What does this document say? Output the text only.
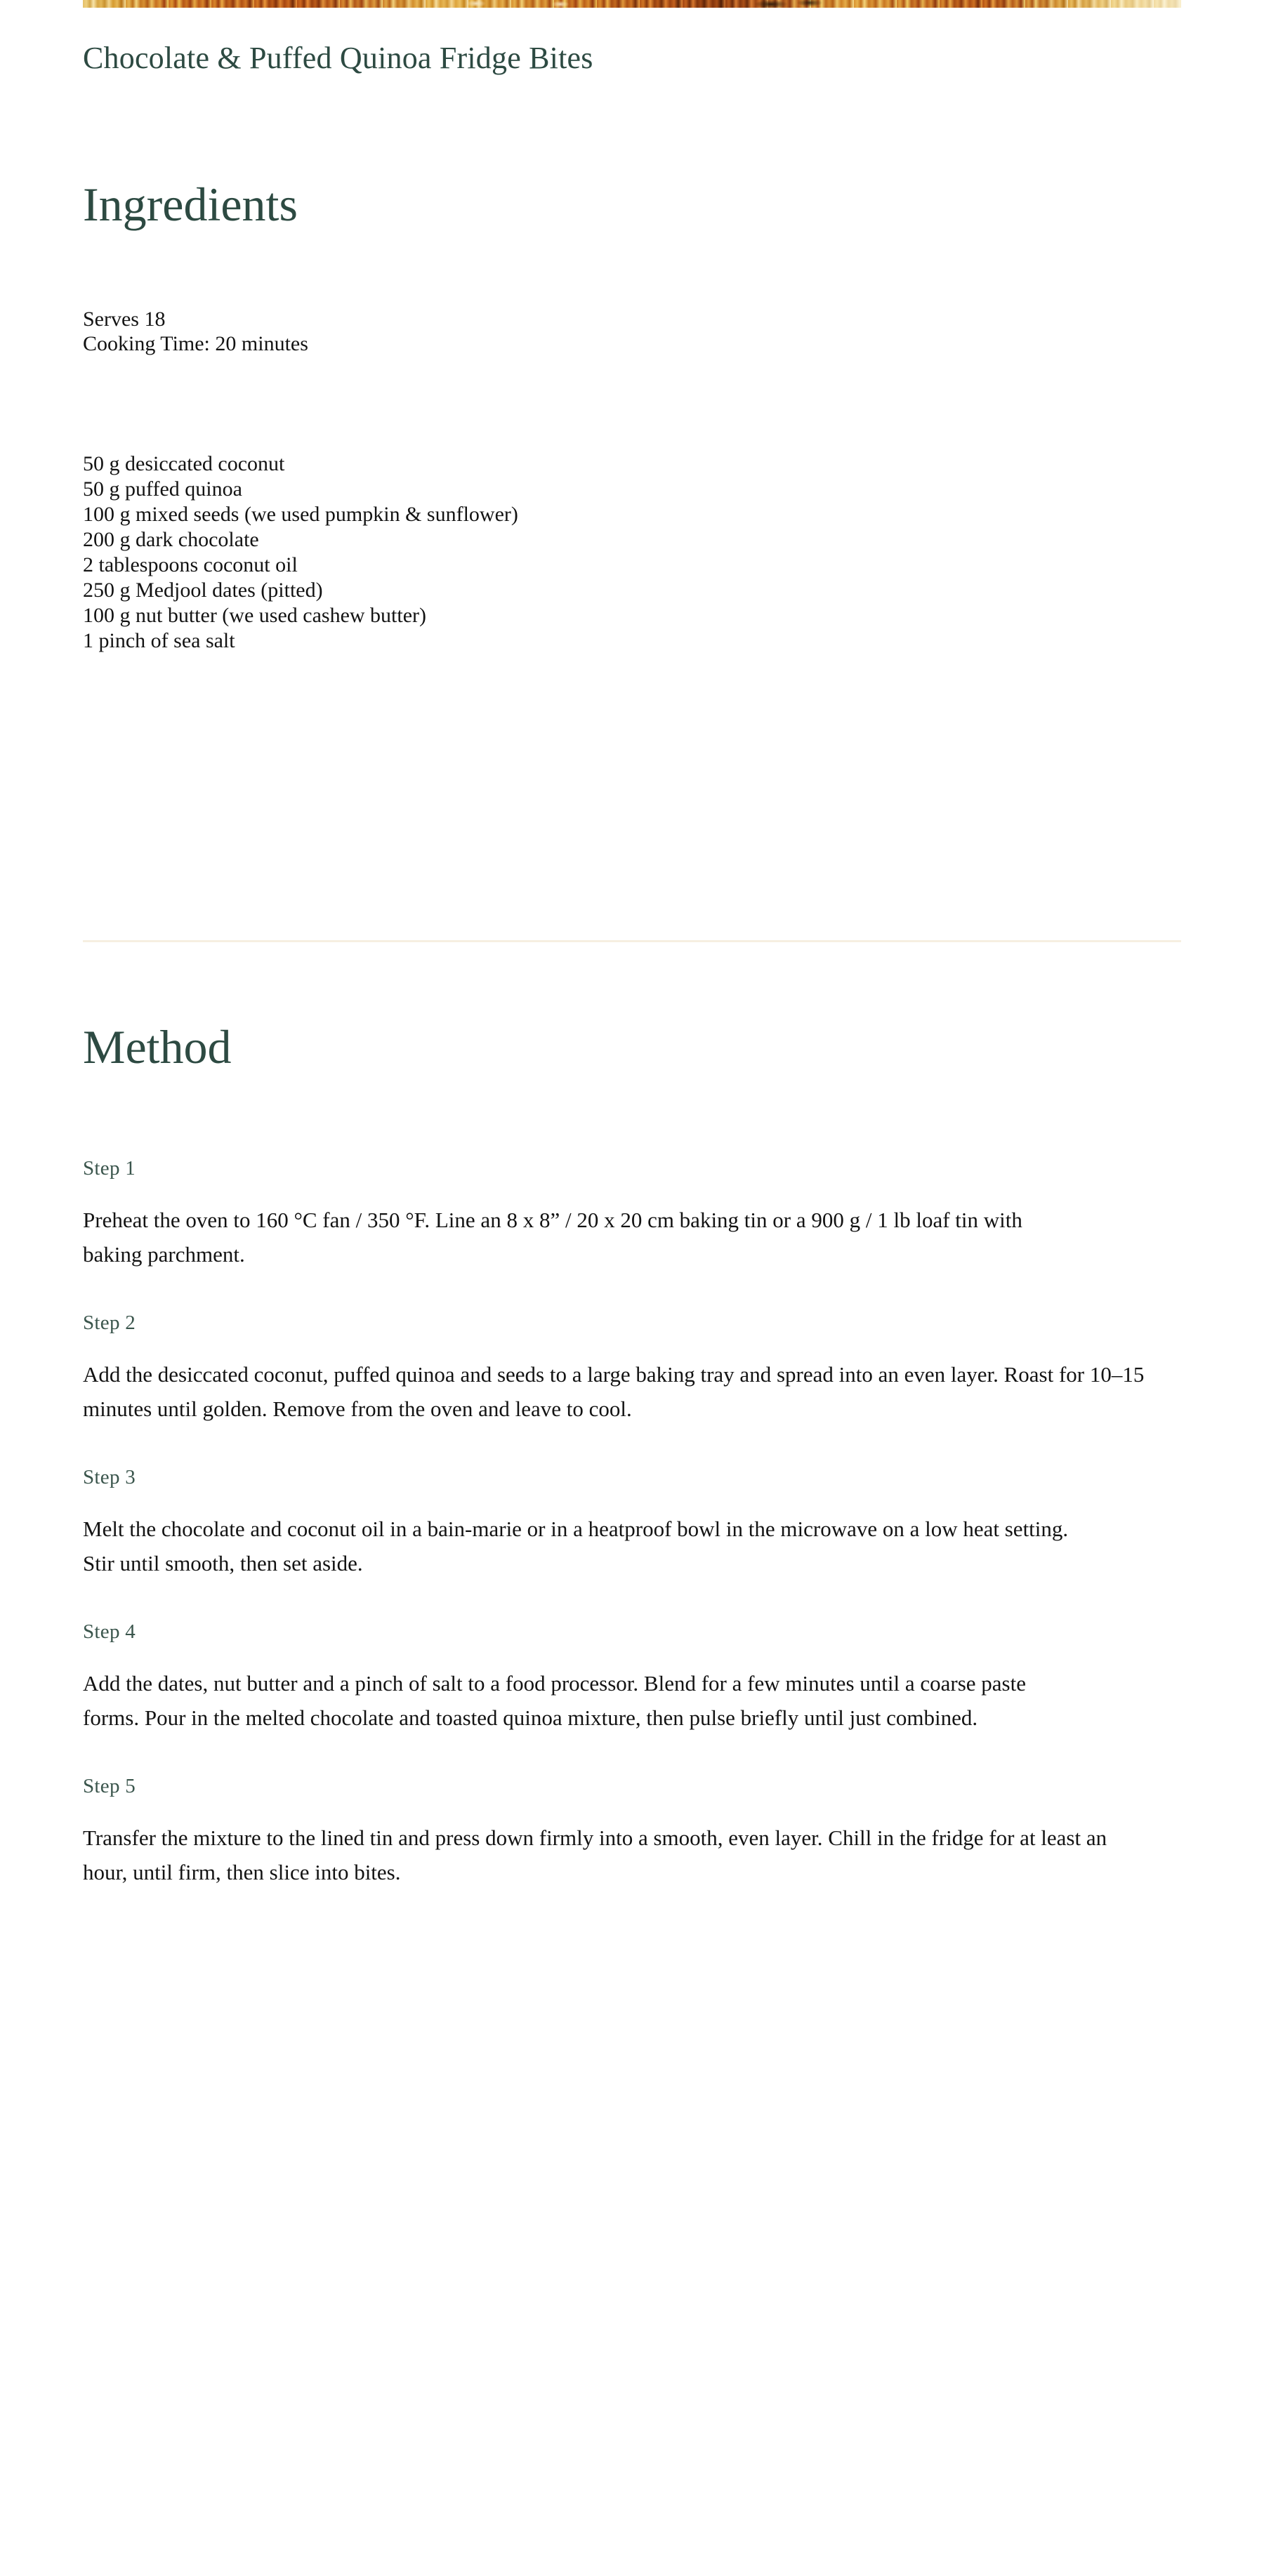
Chocolate & Puffed Quinoa Fridge Bites
Ingredients
Serves 18
Cooking Time: 20 minutes
50 g desiccated coconut
50 g puffed quinoa
100 g mixed seeds (we used pumpkin & sunflower)
200 g dark chocolate
2 tablespoons coconut oil
250 g Medjool dates (pitted)
100 g nut butter (we used cashew butter)
1 pinch of sea salt
Method
Step 1

Preheat the oven to 160 °C fan / 350 °F. Line an 8 x 8” / 20 x 20 cm baking tin or a 900 g / 1 lb loaf tin with baking parchment.

Step 2

Add the desiccated coconut, puffed quinoa and seeds to a large baking tray and spread into an even layer. Roast for 10–15 minutes until golden. Remove from the oven and leave to cool.

Step 3

Melt the chocolate and coconut oil in a bain-marie or in a heatproof bowl in the microwave on a low heat setting. Stir until smooth, then set aside.

Step 4

Add the dates, nut butter and a pinch of salt to a food processor. Blend for a few minutes until a coarse paste forms. Pour in the melted chocolate and toasted quinoa mixture, then pulse briefly until just combined.

Step 5

Transfer the mixture to the lined tin and press down firmly into a smooth, even layer. Chill in the fridge for at least an hour, until firm, then slice into bites.
